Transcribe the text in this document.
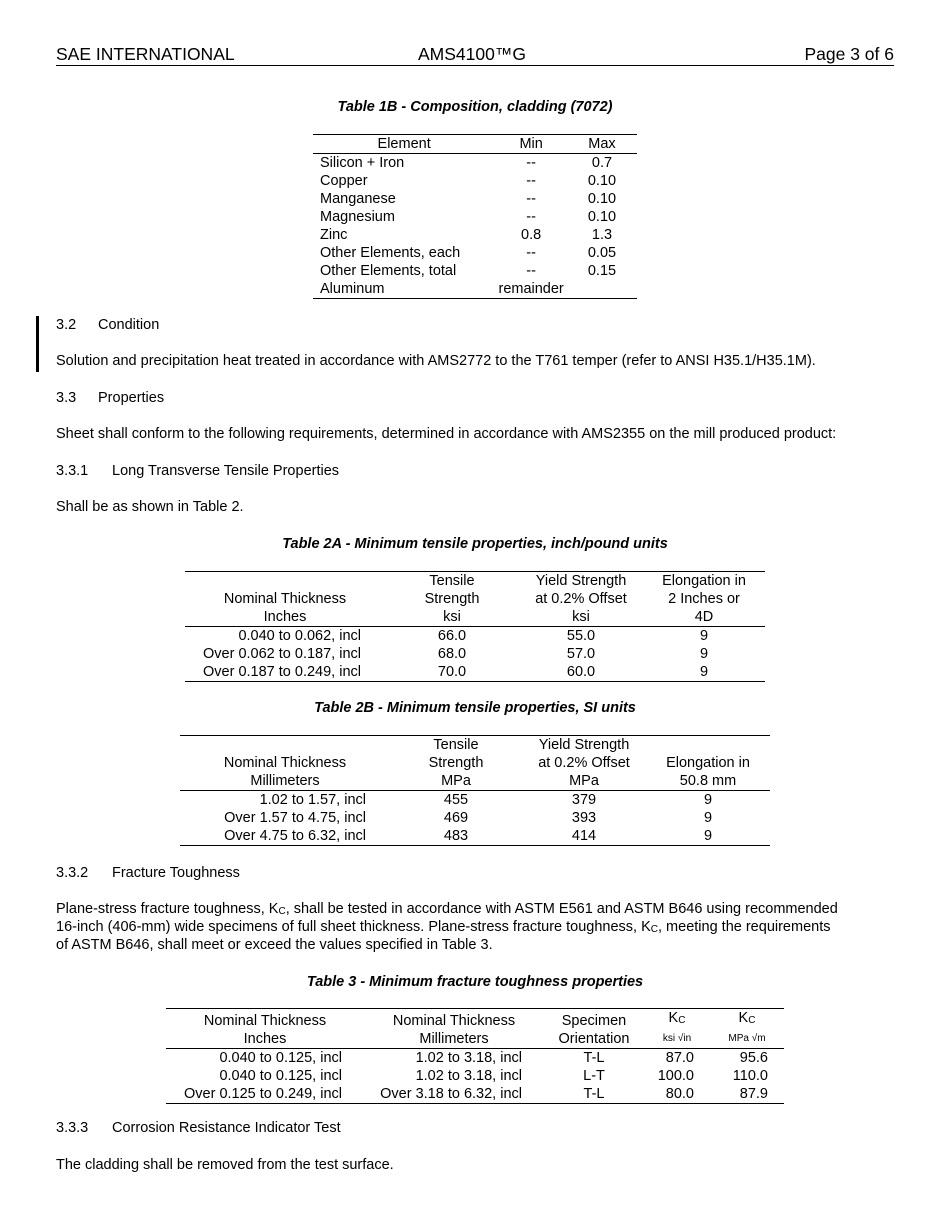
SAE INTERNATIONAL	AMS4100™G	Page 3 of 6
Table 1B - Composition, cladding (7072)
Element	Min	Max
Silicon + Iron	--	0.7
Copper	--	0.10
Manganese	--	0.10
Magnesium	--	0.10
Zinc	0.8	1.3
Other Elements, each	--	0.05
Other Elements, total	--	0.15
Aluminum	remainder	
3.2 Condition
Solution and precipitation heat treated in accordance with AMS2772 to the T761 temper (refer to ANSI H35.1/H35.1M).
3.3 Properties
Sheet shall conform to the following requirements, determined in accordance with AMS2355 on the mill produced product:
3.3.1 Long Transverse Tensile Properties
Shall be as shown in Table 2.
Table 2A - Minimum tensile properties, inch/pound units
	Tensile	Yield Strength	Elongation in
Nominal Thickness	Strength	at 0.2% Offset	2 Inches or
Inches	ksi	ksi	4D
0.040 to 0.062, incl	66.0	55.0	9
Over 0.062 to 0.187, incl	68.0	57.0	9
Over 0.187 to 0.249, incl	70.0	60.0	9
Table 2B - Minimum tensile properties, SI units
	Tensile	Yield Strength	
Nominal Thickness	Strength	at 0.2% Offset	Elongation in
Millimeters	MPa	MPa	50.8 mm
1.02 to 1.57, incl	455	379	9
Over 1.57 to 4.75, incl	469	393	9
Over 4.75 to 6.32, incl	483	414	9
3.3.2 Fracture Toughness
Plane-stress fracture toughness, KC, shall be tested in accordance with ASTM E561 and ASTM B646 using recommended
16-inch (406-mm) wide specimens of full sheet thickness. Plane-stress fracture toughness, KC, meeting the requirements
of ASTM B646, shall meet or exceed the values specified in Table 3.
Table 3 - Minimum fracture toughness properties
Nominal Thickness	Nominal Thickness	Specimen	KC	KC
Inches	Millimeters	Orientation	ksi √in	MPa √m
0.040 to 0.125, incl	1.02 to 3.18, incl	T-L	87.0	95.6
0.040 to 0.125, incl	1.02 to 3.18, incl	L-T	100.0	110.0
Over 0.125 to 0.249, incl	Over 3.18 to 6.32, incl	T-L	80.0	87.9
3.3.3 Corrosion Resistance Indicator Test
The cladding shall be removed from the test surface.
